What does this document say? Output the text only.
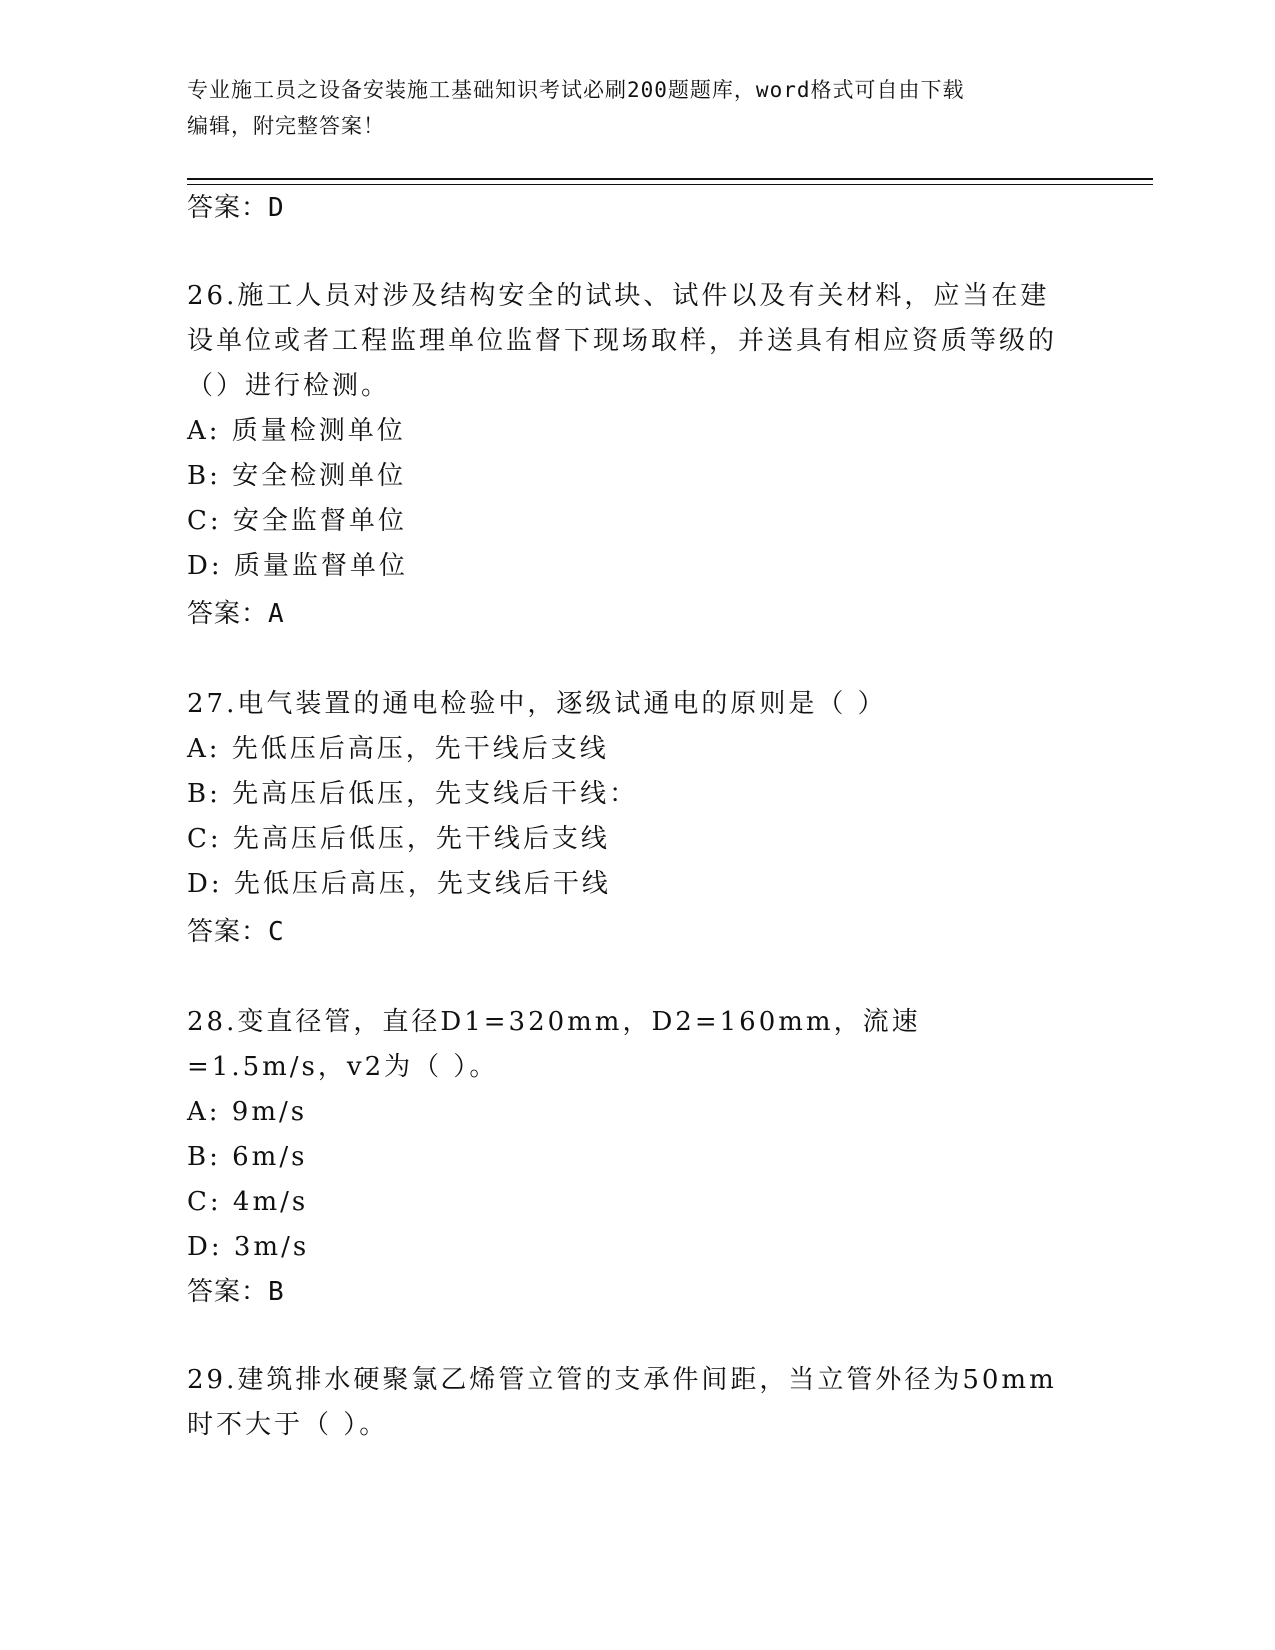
专业施工员之设备安装施工基础知识考试必刷200题题库，word格式可自由下载
编辑，附完整答案！
答案：D

26.施工人员对涉及结构安全的试块、试件以及有关材料，应当在建设单位或者工程监理单位监督下现场取样，并送具有相应资质等级的（）进行检测。

A: 质量检测单位

B: 安全检测单位

C: 安全监督单位

D: 质量监督单位

答案：A

27.电气装置的通电检验中，逐级试通电的原则是（ ）

A: 先低压后高压，先干线后支线

B: 先高压后低压，先支线后干线：

C: 先高压后低压，先干线后支线

D: 先低压后高压，先支线后干线

答案：C

28.变直径管，直径D1=320mm，D2=160mm，流速=1.5m/s，v2为（ ）。

A: 9m/s

B: 6m/s

C: 4m/s

D: 3m/s

答案：B

29.建筑排水硬聚氯乙烯管立管的支承件间距，当立管外径为50mm时不大于（ ）。
